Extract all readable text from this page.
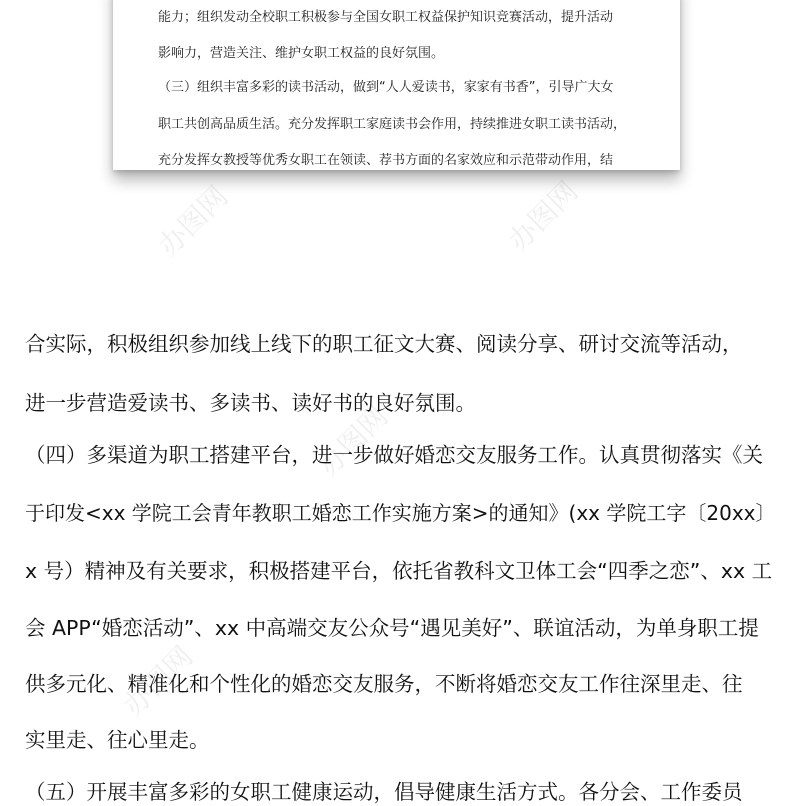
办图网	办图网
办图网
办图网

能力；组织发动全校职工积极参与全国女职工权益保护知识竞赛活动，提升活动

影响力，营造关注、维护女职工权益的良好氛围。

（三）组织丰富多彩的读书活动，做到“人人爱读书，家家有书香”，引导广大女

职工共创高品质生活。充分发挥职工家庭读书会作用，持续推进女职工读书活动，

充分发挥女教授等优秀女职工在领读、荐书方面的名家效应和示范带动作用，结

合实际，积极组织参加线上线下的职工征文大赛、阅读分享、研讨交流等活动，
进一步营造爱读书、多读书、读好书的良好氛围。
（四）多渠道为职工搭建平台，进一步做好婚恋交友服务工作。认真贯彻落实《关
于印发<xx 学院工会青年教职工婚恋工作实施方案>的通知》(xx 学院工字〔20xx〕
x 号）精神及有关要求，积极搭建平台，依托省教科文卫体工会“四季之恋”、xx 工
会 APP“婚恋活动”、xx 中高端交友公众号“遇见美好”、联谊活动，为单身职工提
供多元化、精准化和个性化的婚恋交友服务，不断将婚恋交友工作往深里走、往
实里走、往心里走。
（五）开展丰富多彩的女职工健康运动，倡导健康生活方式。各分会、工作委员
